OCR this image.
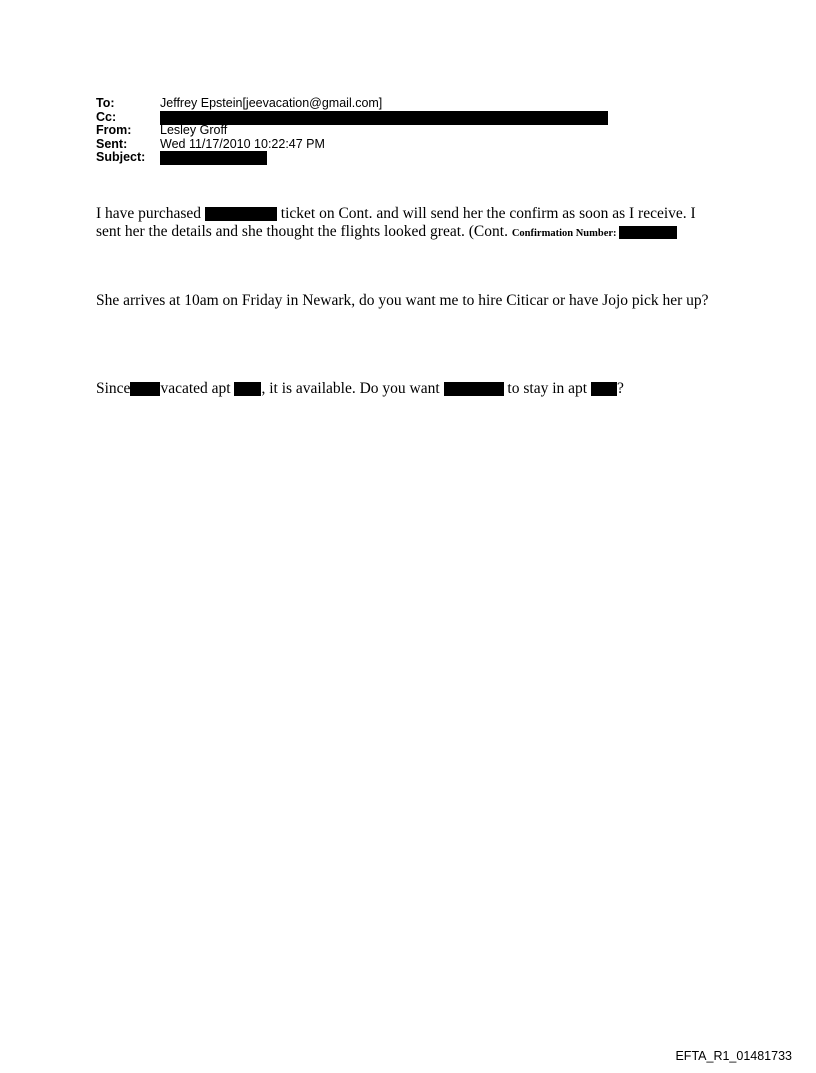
To:	Jeffrey Epstein[jeevacation@gmail.com]
Cc:
From: Lesley Groff
Sent:	Wed 11/17/2010 10:22:47 PM
Subject:
I have purchased	ticket on Cont. and will send her the confirm as soon as I receive. I sent her the details and she thought the flights looked great. (Cont. Confirmation Number:
She arrives at 10am on Friday in Newark, do you want me to hire Citicar or have Jojo pick her up?
Since vacated apt , it is available. Do you want	to stay in apt ?
EFTA_R1_01481733
